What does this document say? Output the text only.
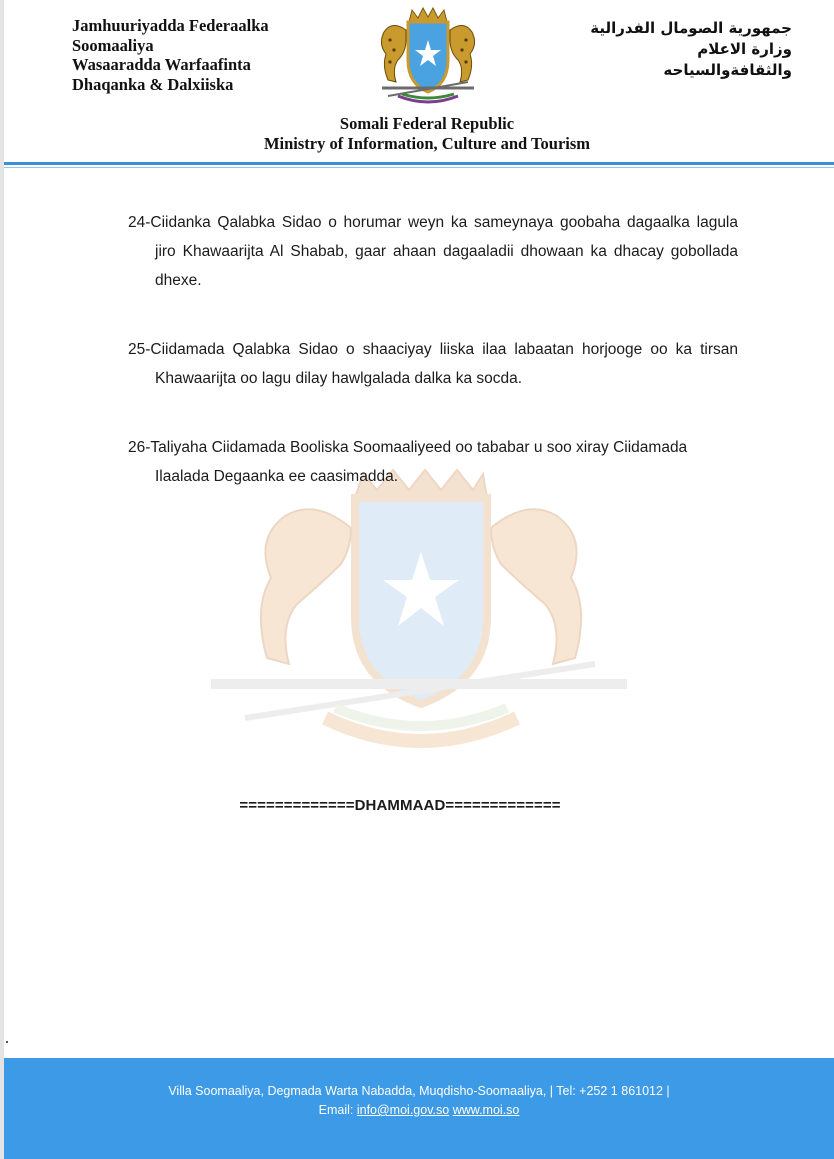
Jamhuuriyadda Federaalka
Soomaaliya
Wasaaradda Warfaafinta
Dhaqanka & Dalxiiska
جمهورية الصومال الفدرالية
وزارة الاعلام
والثقافةوالسياحه
Somali Federal Republic
Ministry of Information, Culture and Tourism

24-Ciidanka Qalabka Sidao o horumar weyn ka sameynaya goobaha dagaalka lagula jiro Khawaarijta Al Shabab, gaar ahaan dagaaladii dhowaan ka dhacay gobollada dhexe.

25-Ciidamada Qalabka Sidao o shaaciyay liiska ilaa labaatan horjooge oo ka tirsan Khawaarijta oo lagu dilay hawlgalada dalka ka socda.

26-Taliyaha Ciidamada Booliska Soomaaliyeed oo tababar u soo xiray Ciidamada Ilaalada Degaanka ee caasimadda.

=============DHAMMAAD=============
Villa Soomaaliya, Degmada Warta Nabadda, Muqdisho-Soomaaliya, | Tel: +252 1 861012 |
Email: info@moi.gov.so www.moi.so
